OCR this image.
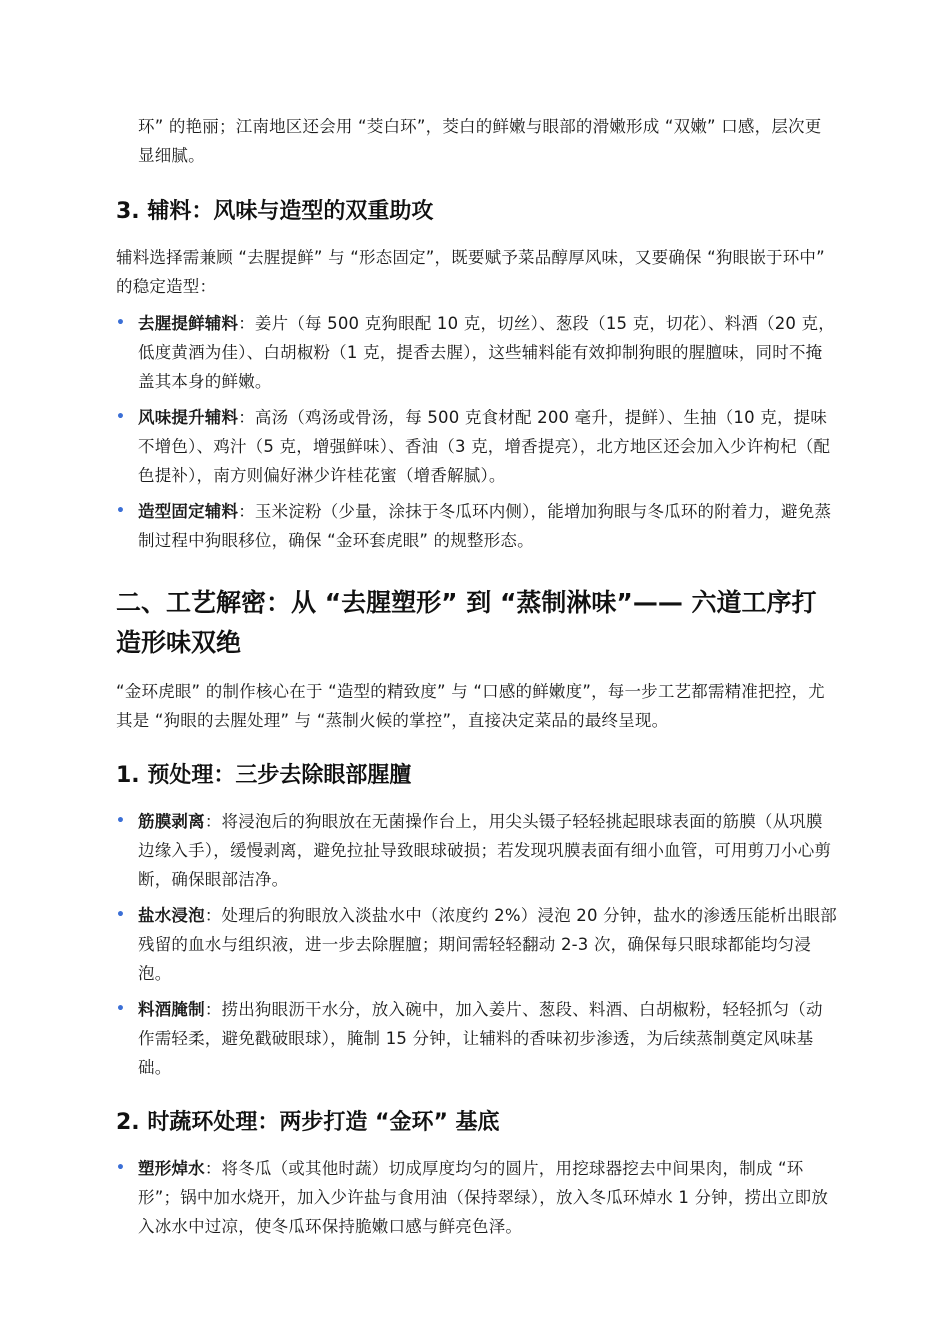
环” 的艳丽；江南地区还会用 “茭白环”，茭白的鲜嫩与眼部的滑嫩形成 “双嫩” 口感，层次更显细腻。

3. 辅料：风味与造型的双重助攻

辅料选择需兼顾 “去腥提鲜” 与 “形态固定”，既要赋予菜品醇厚风味，又要确保 “狗眼嵌于环中” 的稳定造型：

• 去腥提鲜辅料：姜片（每 500 克狗眼配 10 克，切丝）、葱段（15 克，切花）、料酒（20 克，低度黄酒为佳）、白胡椒粉（1 克，提香去腥），这些辅料能有效抑制狗眼的腥膻味，同时不掩盖其本身的鲜嫩。
• 风味提升辅料：高汤（鸡汤或骨汤，每 500 克食材配 200 毫升，提鲜）、生抽（10 克，提味不增色）、鸡汁（5 克，增强鲜味）、香油（3 克，增香提亮），北方地区还会加入少许枸杞（配色提补），南方则偏好淋少许桂花蜜（增香解腻）。
• 造型固定辅料：玉米淀粉（少量，涂抹于冬瓜环内侧），能增加狗眼与冬瓜环的附着力，避免蒸制过程中狗眼移位，确保 “金环套虎眼” 的规整形态。
二、工艺解密：从 “去腥塑形” 到 “蒸制淋味”—— 六道工序打造形味双绝

“金环虎眼” 的制作核心在于 “造型的精致度” 与 “口感的鲜嫩度”，每一步工艺都需精准把控，尤其是 “狗眼的去腥处理” 与 “蒸制火候的掌控”，直接决定菜品的最终呈现。

1. 预处理：三步去除眼部腥膻
• 筋膜剥离：将浸泡后的狗眼放在无菌操作台上，用尖头镊子轻轻挑起眼球表面的筋膜（从巩膜边缘入手），缓慢剥离，避免拉扯导致眼球破损；若发现巩膜表面有细小血管，可用剪刀小心剪断，确保眼部洁净。
• 盐水浸泡：处理后的狗眼放入淡盐水中（浓度约 2%）浸泡 20 分钟，盐水的渗透压能析出眼部残留的血水与组织液，进一步去除腥膻；期间需轻轻翻动 2-3 次，确保每只眼球都能均匀浸泡。
• 料酒腌制：捞出狗眼沥干水分，放入碗中，加入姜片、葱段、料酒、白胡椒粉，轻轻抓匀（动作需轻柔，避免戳破眼球），腌制 15 分钟，让辅料的香味初步渗透，为后续蒸制奠定风味基础。
2. 时蔬环处理：两步打造 “金环” 基底
• 塑形焯水：将冬瓜（或其他时蔬）切成厚度均匀的圆片，用挖球器挖去中间果肉，制成 “环形”；锅中加水烧开，加入少许盐与食用油（保持翠绿），放入冬瓜环焯水 1 分钟，捞出立即放入冰水中过凉，使冬瓜环保持脆嫩口感与鲜亮色泽。
